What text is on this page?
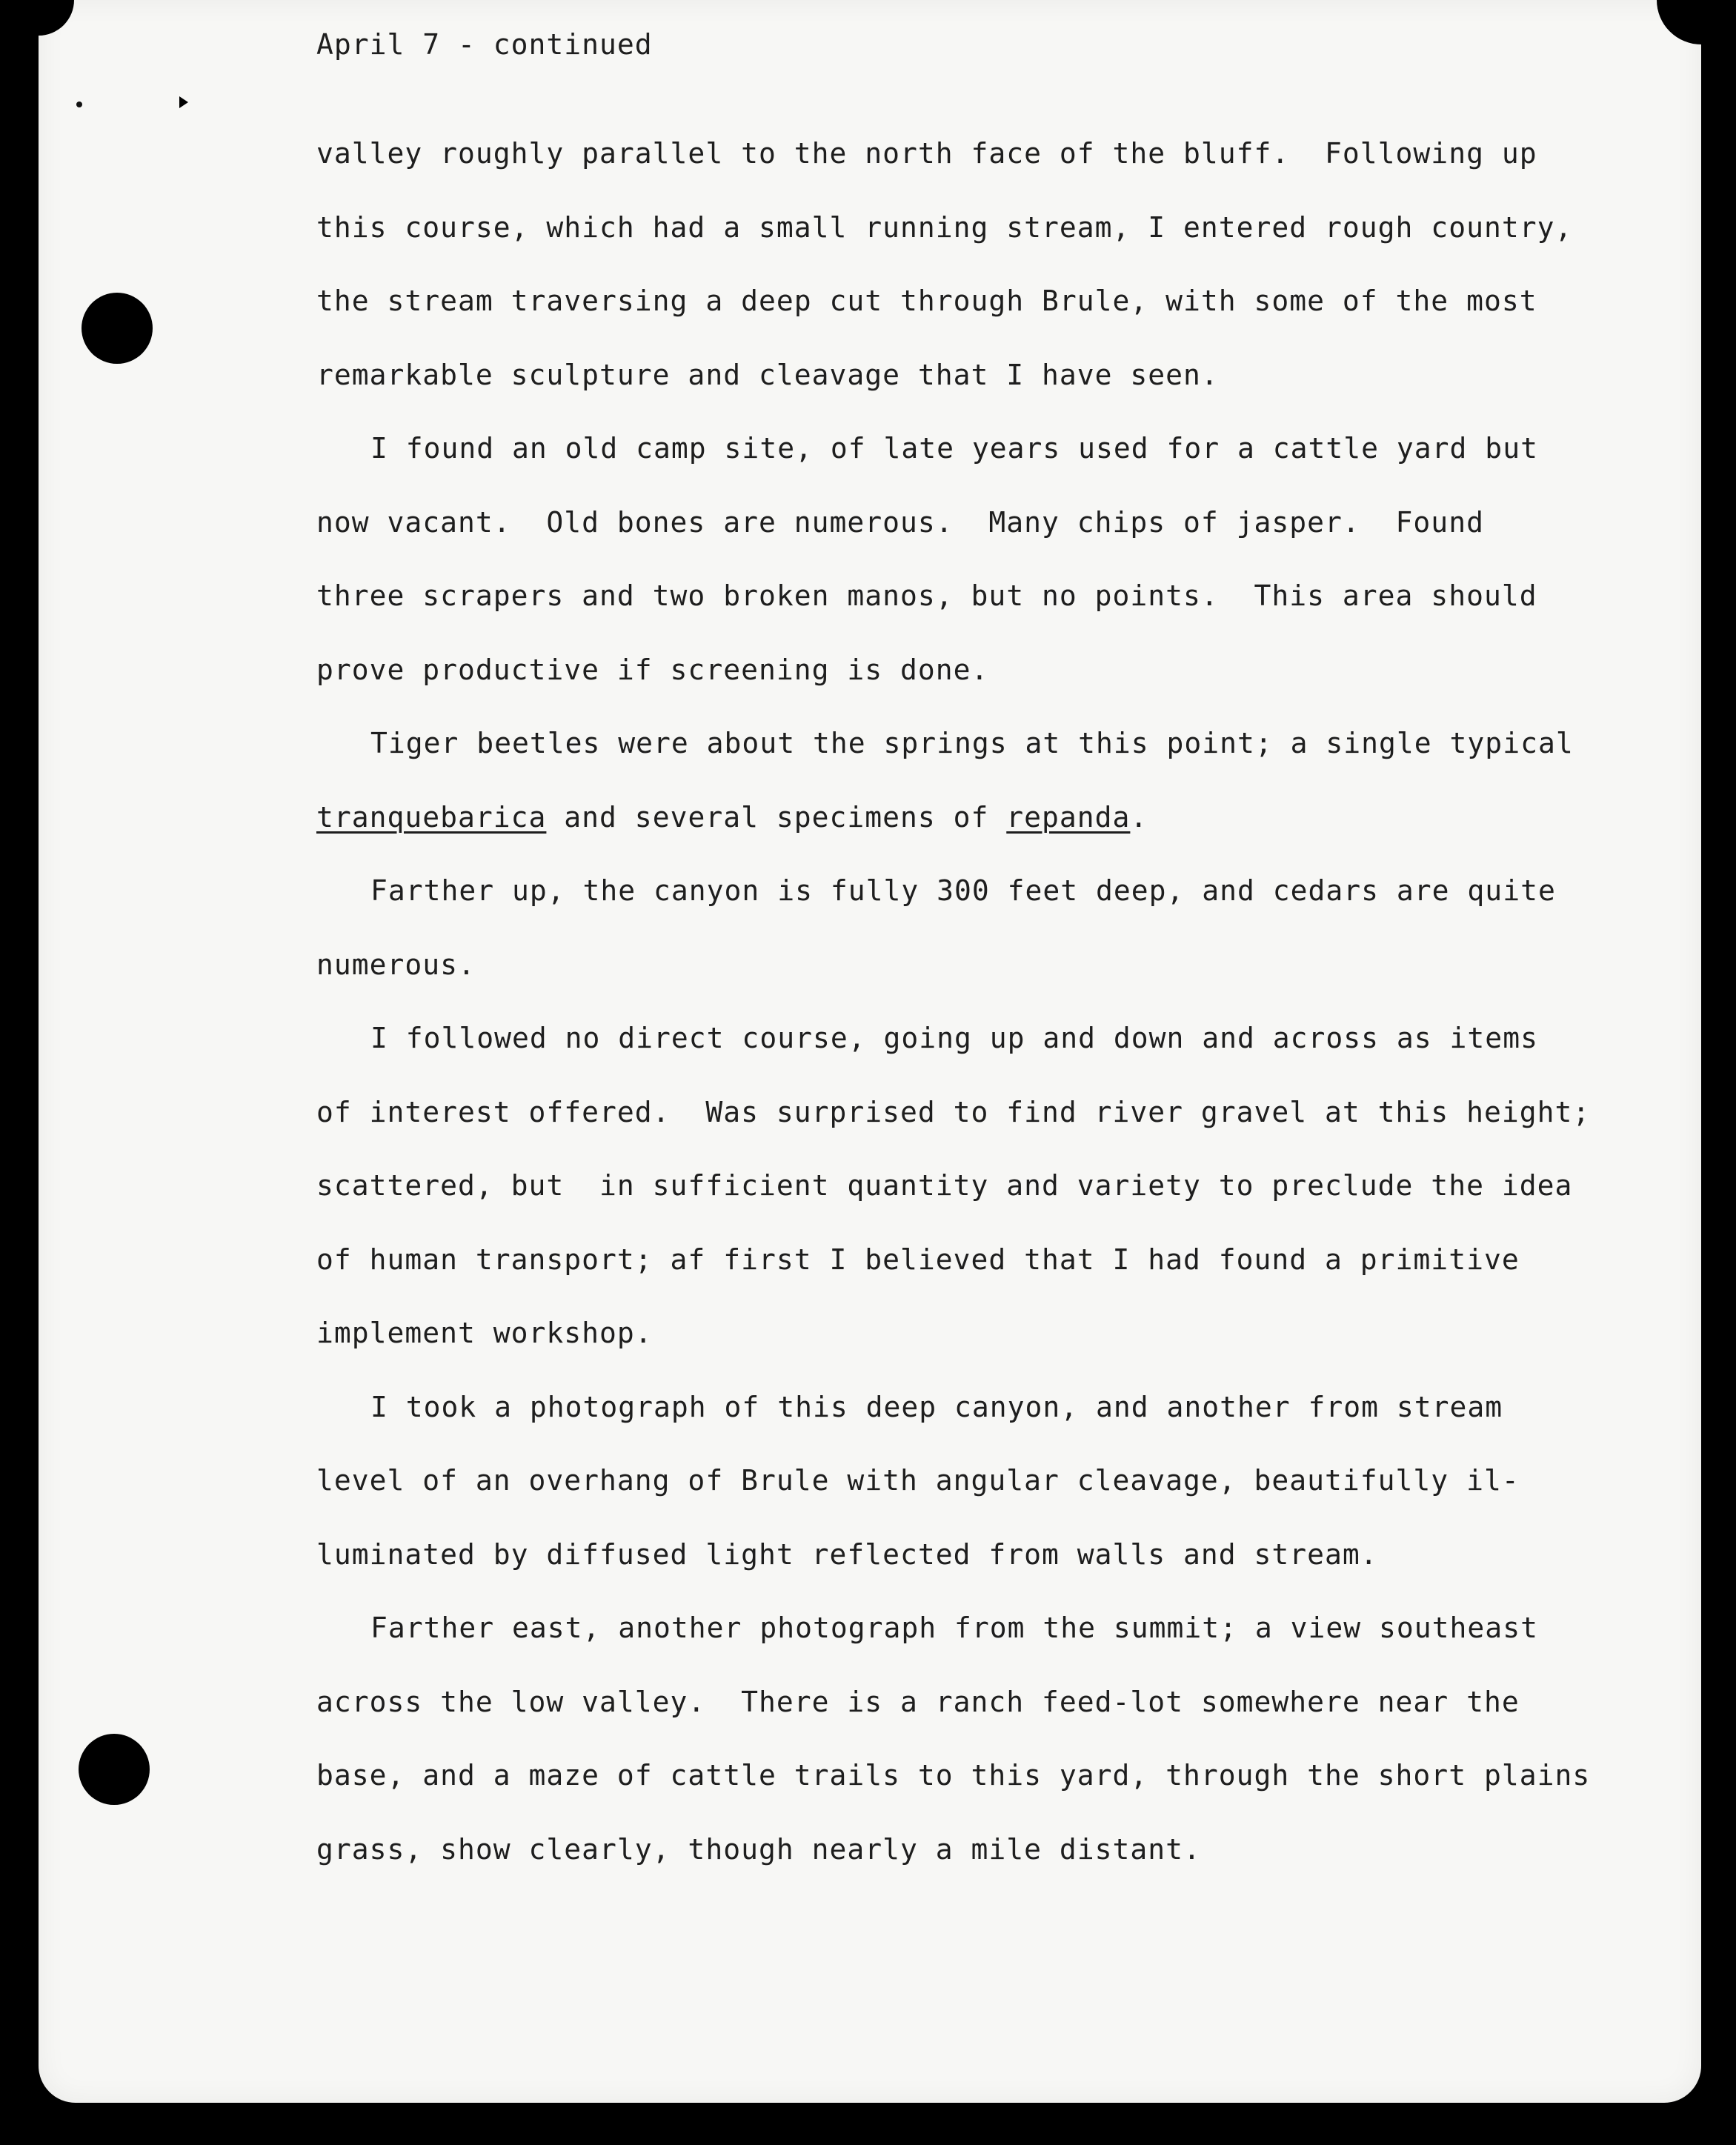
April 7 - continued
valley roughly parallel to the north face of the bluff.  Following up
this course, which had a small running stream, I entered rough country,
the stream traversing a deep cut through Brule, with some of the most
remarkable sculpture and cleavage that I have seen.
I found an old camp site, of late years used for a cattle yard but
now vacant.  Old bones are numerous.  Many chips of jasper.  Found
three scrapers and two broken manos, but no points.  This area should
prove productive if screening is done.
Tiger beetles were about the springs at this point; a single typical
tranquebarica and several specimens of repanda.
Farther up, the canyon is fully 300 feet deep, and cedars are quite
numerous.
I followed no direct course, going up and down and across as items
of interest offered.  Was surprised to find river gravel at this height;
scattered, but  in sufficient quantity and variety to preclude the idea
of human transport; af first I believed that I had found a primitive
implement workshop.
I took a photograph of this deep canyon, and another from stream
level of an overhang of Brule with angular cleavage, beautifully il-
luminated by diffused light reflected from walls and stream.
Farther east, another photograph from the summit; a view southeast
across the low valley.  There is a ranch feed-lot somewhere near the
base, and a maze of cattle trails to this yard, through the short plains
grass, show clearly, though nearly a mile distant.
